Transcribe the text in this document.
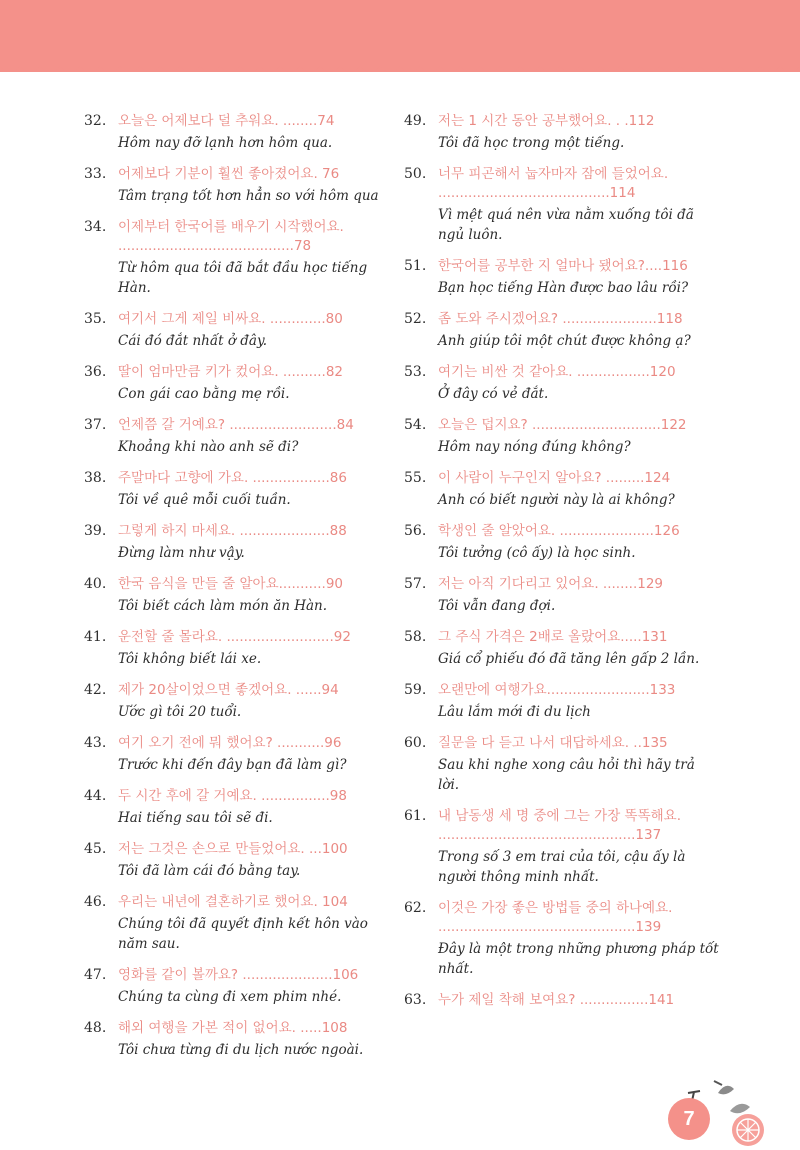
32. 오늘은 어제보다 덜 추워요. ........74
Hôm nay đỡ lạnh hơn hôm qua.
33. 어제보다 기분이 훨씬 좋아졌어요. 76
Tâm trạng tốt hơn hẳn so với hôm qua
34. 이제부터 한국어를 배우기 시작했어요. .........................................78
Từ hôm qua tôi đã bắt đầu học tiếng Hàn.
35. 여기서 그게 제일 비싸요. .............80
Cái đó đắt nhất ở đây.
36. 딸이 엄마만큼 키가 컸어요. ..........82
Con gái cao bằng mẹ rồi.
37. 언제쯤 갈 거예요? .........................84
Khoảng khi nào anh sẽ đi?
38. 주말마다 고향에 가요. ..................86
Tôi về quê mỗi cuối tuần.
39. 그렇게 하지 마세요. .....................88
Đừng làm như vậy.
40. 한국 음식을 만들 줄 알아요...........90
Tôi biết cách làm món ăn Hàn.
41. 운전할 줄 몰라요. .........................92
Tôi không biết lái xe.
42. 제가 20살이었으면 좋겠어요. ......94
Ước gì tôi 20 tuổi.
43. 여기 오기 전에 뭐 했어요? ...........96
Trước khi đến đây bạn đã làm gì?
44. 두 시간 후에 갈 거예요. ................98
Hai tiếng sau tôi sẽ đi.
45. 저는 그것은 손으로 만들었어요. ...100
Tôi đã làm cái đó bằng tay.
46. 우리는 내년에 결혼하기로 했어요. 104
Chúng tôi đã quyết định kết hôn vào năm sau.
47. 영화를 같이 볼까요? .....................106
Chúng ta cùng đi xem phim nhé.
48. 해외 여행을 가본 적이 없어요. .....108
Tôi chưa từng đi du lịch nước ngoài.
49. 저는 1 시간 동안 공부했어요. . .112
Tôi đã học trong một tiếng.
50. 너무 피곤해서 눕자마자 잠에 들었어요. ........................................114
Vì mệt quá nên vừa nằm xuống tôi đã ngủ luôn.
51. 한국어를 공부한 지 얼마나 됐어요?....116
Bạn học tiếng Hàn được bao lâu rồi?
52. 좀 도와 주시겠어요? ......................118
Anh giúp tôi một chút được không ạ?
53. 여기는 비싼 것 같아요. .................120
Ở đây có vẻ đắt.
54. 오늘은 덥지요? ..............................122
Hôm nay nóng đúng không?
55. 이 사람이 누구인지 알아요? .........124
Anh có biết người này là ai không?
56. 학생인 줄 알았어요. ......................126
Tôi tưởng (cô ấy) là học sinh.
57. 저는 아직 기다리고 있어요. ........129
Tôi vẫn đang đợi.
58. 그 주식 가격은 2배로 올랐어요.....131
Giá cổ phiếu đó đã tăng lên gấp 2 lần.
59. 오랜만에 여행가요........................133
Lâu lắm mới đi du lịch
60. 질문을 다 듣고 나서 대답하세요. ..135
Sau khi nghe xong câu hỏi thì hãy trả lời.
61. 내 남동생 세 명 중에 그는 가장 똑똑해요. ..............................................137
Trong số 3 em trai của tôi, cậu ấy là người thông minh nhất.
62. 이것은 가장 좋은 방법들 중의 하나예요. ..............................................139
Đây là một trong những phương pháp tốt nhất.
63. 누가 제일 착해 보여요? ................141
7
